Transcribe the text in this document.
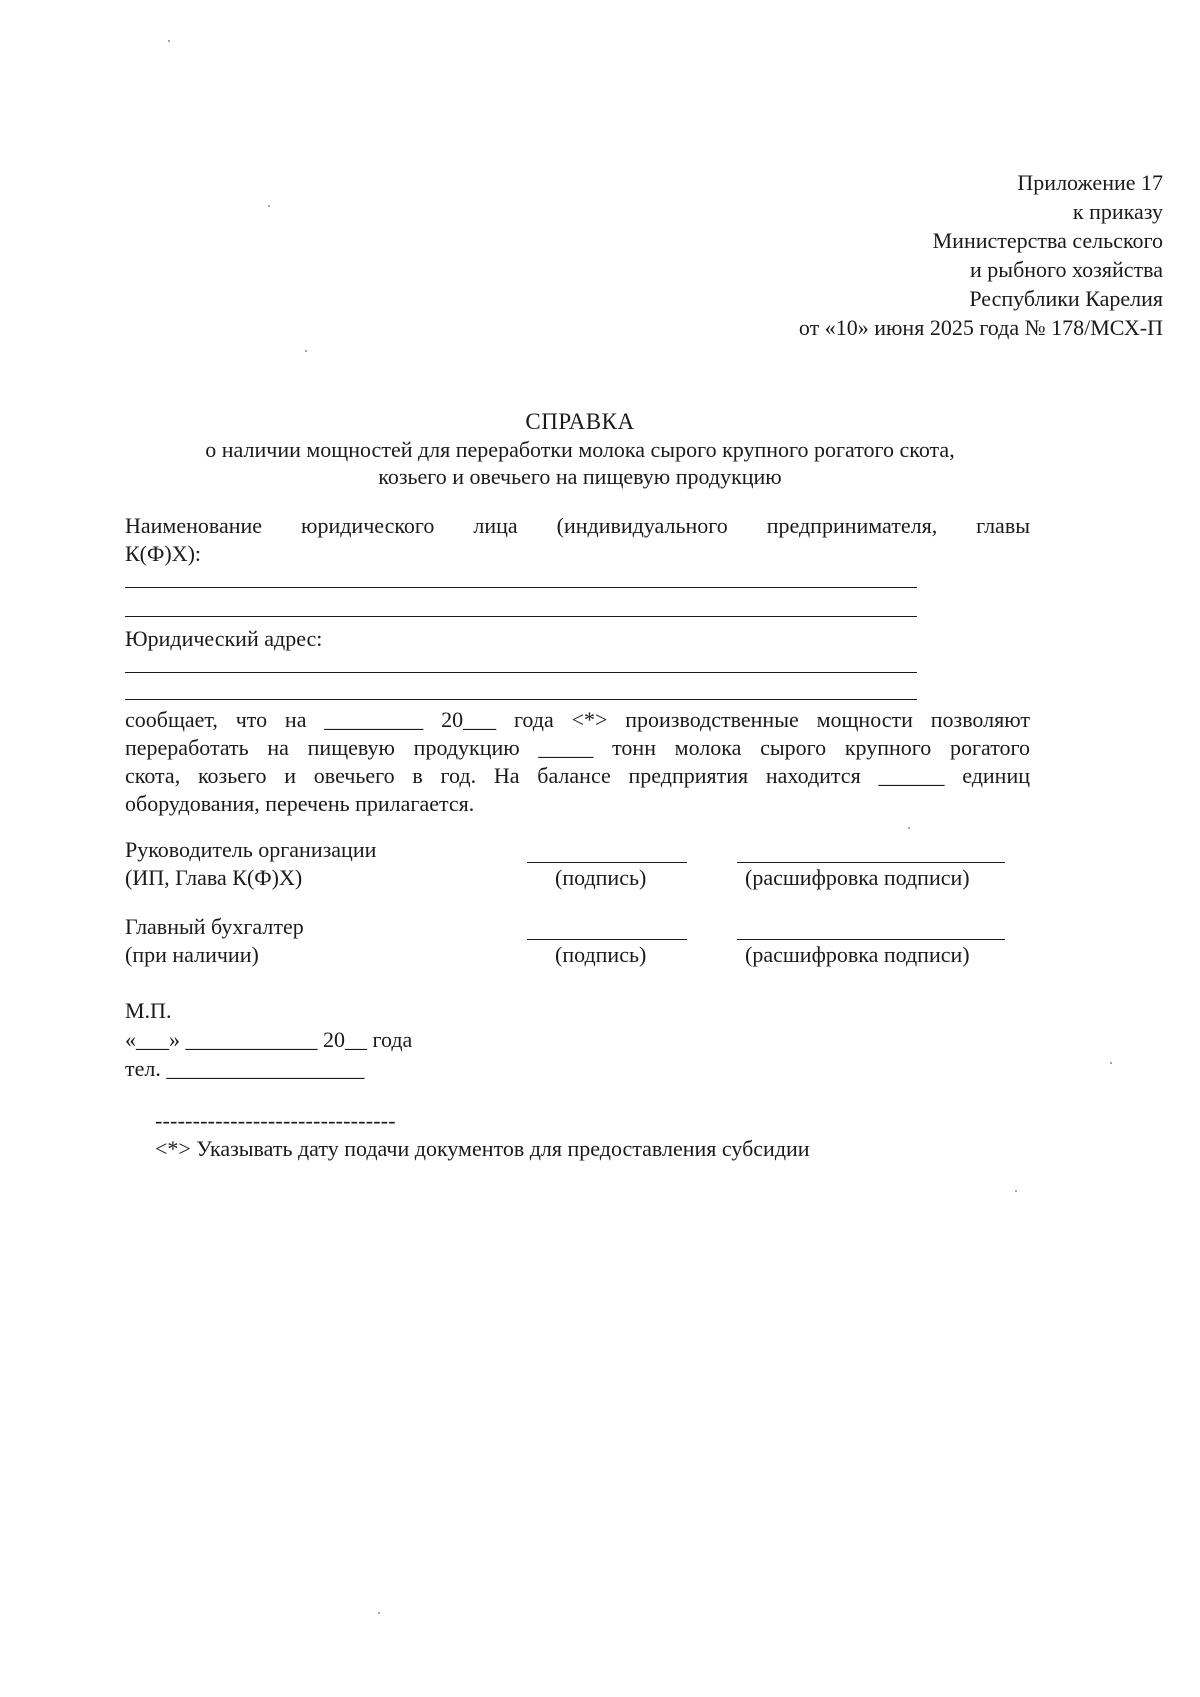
Приложение 17
к приказу
Министерства сельского
и рыбного хозяйства
Республики Карелия
от «10» июня 2025 года № 178/МСХ-П
СПРАВКА
о наличии мощностей для переработки молока сырого крупного рогатого скота,
козьего и овечьего на пищевую продукцию
Наименование юридического лица (индивидуального предпринимателя, главы
К(Ф)Х):
Юридический адрес:
сообщает, что на _________ 20___ года <*> производственные мощности позволяют
переработать на пищевую продукцию _____ тонн молока сырого крупного рогатого
скота, козьего и овечьего в год. На балансе предприятия находится ______ единиц
оборудования, перечень прилагается.
Руководитель организации
(ИП, Глава К(Ф)Х)	(подпись)	(расшифровка подписи)
Главный бухгалтер
(при наличии)	(подпись)	(расшифровка подписи)
М.П.
«___» ____________ 20__ года
тел. __________________
--------------------------------
<*> Указывать дату подачи документов для предоставления субсидии
